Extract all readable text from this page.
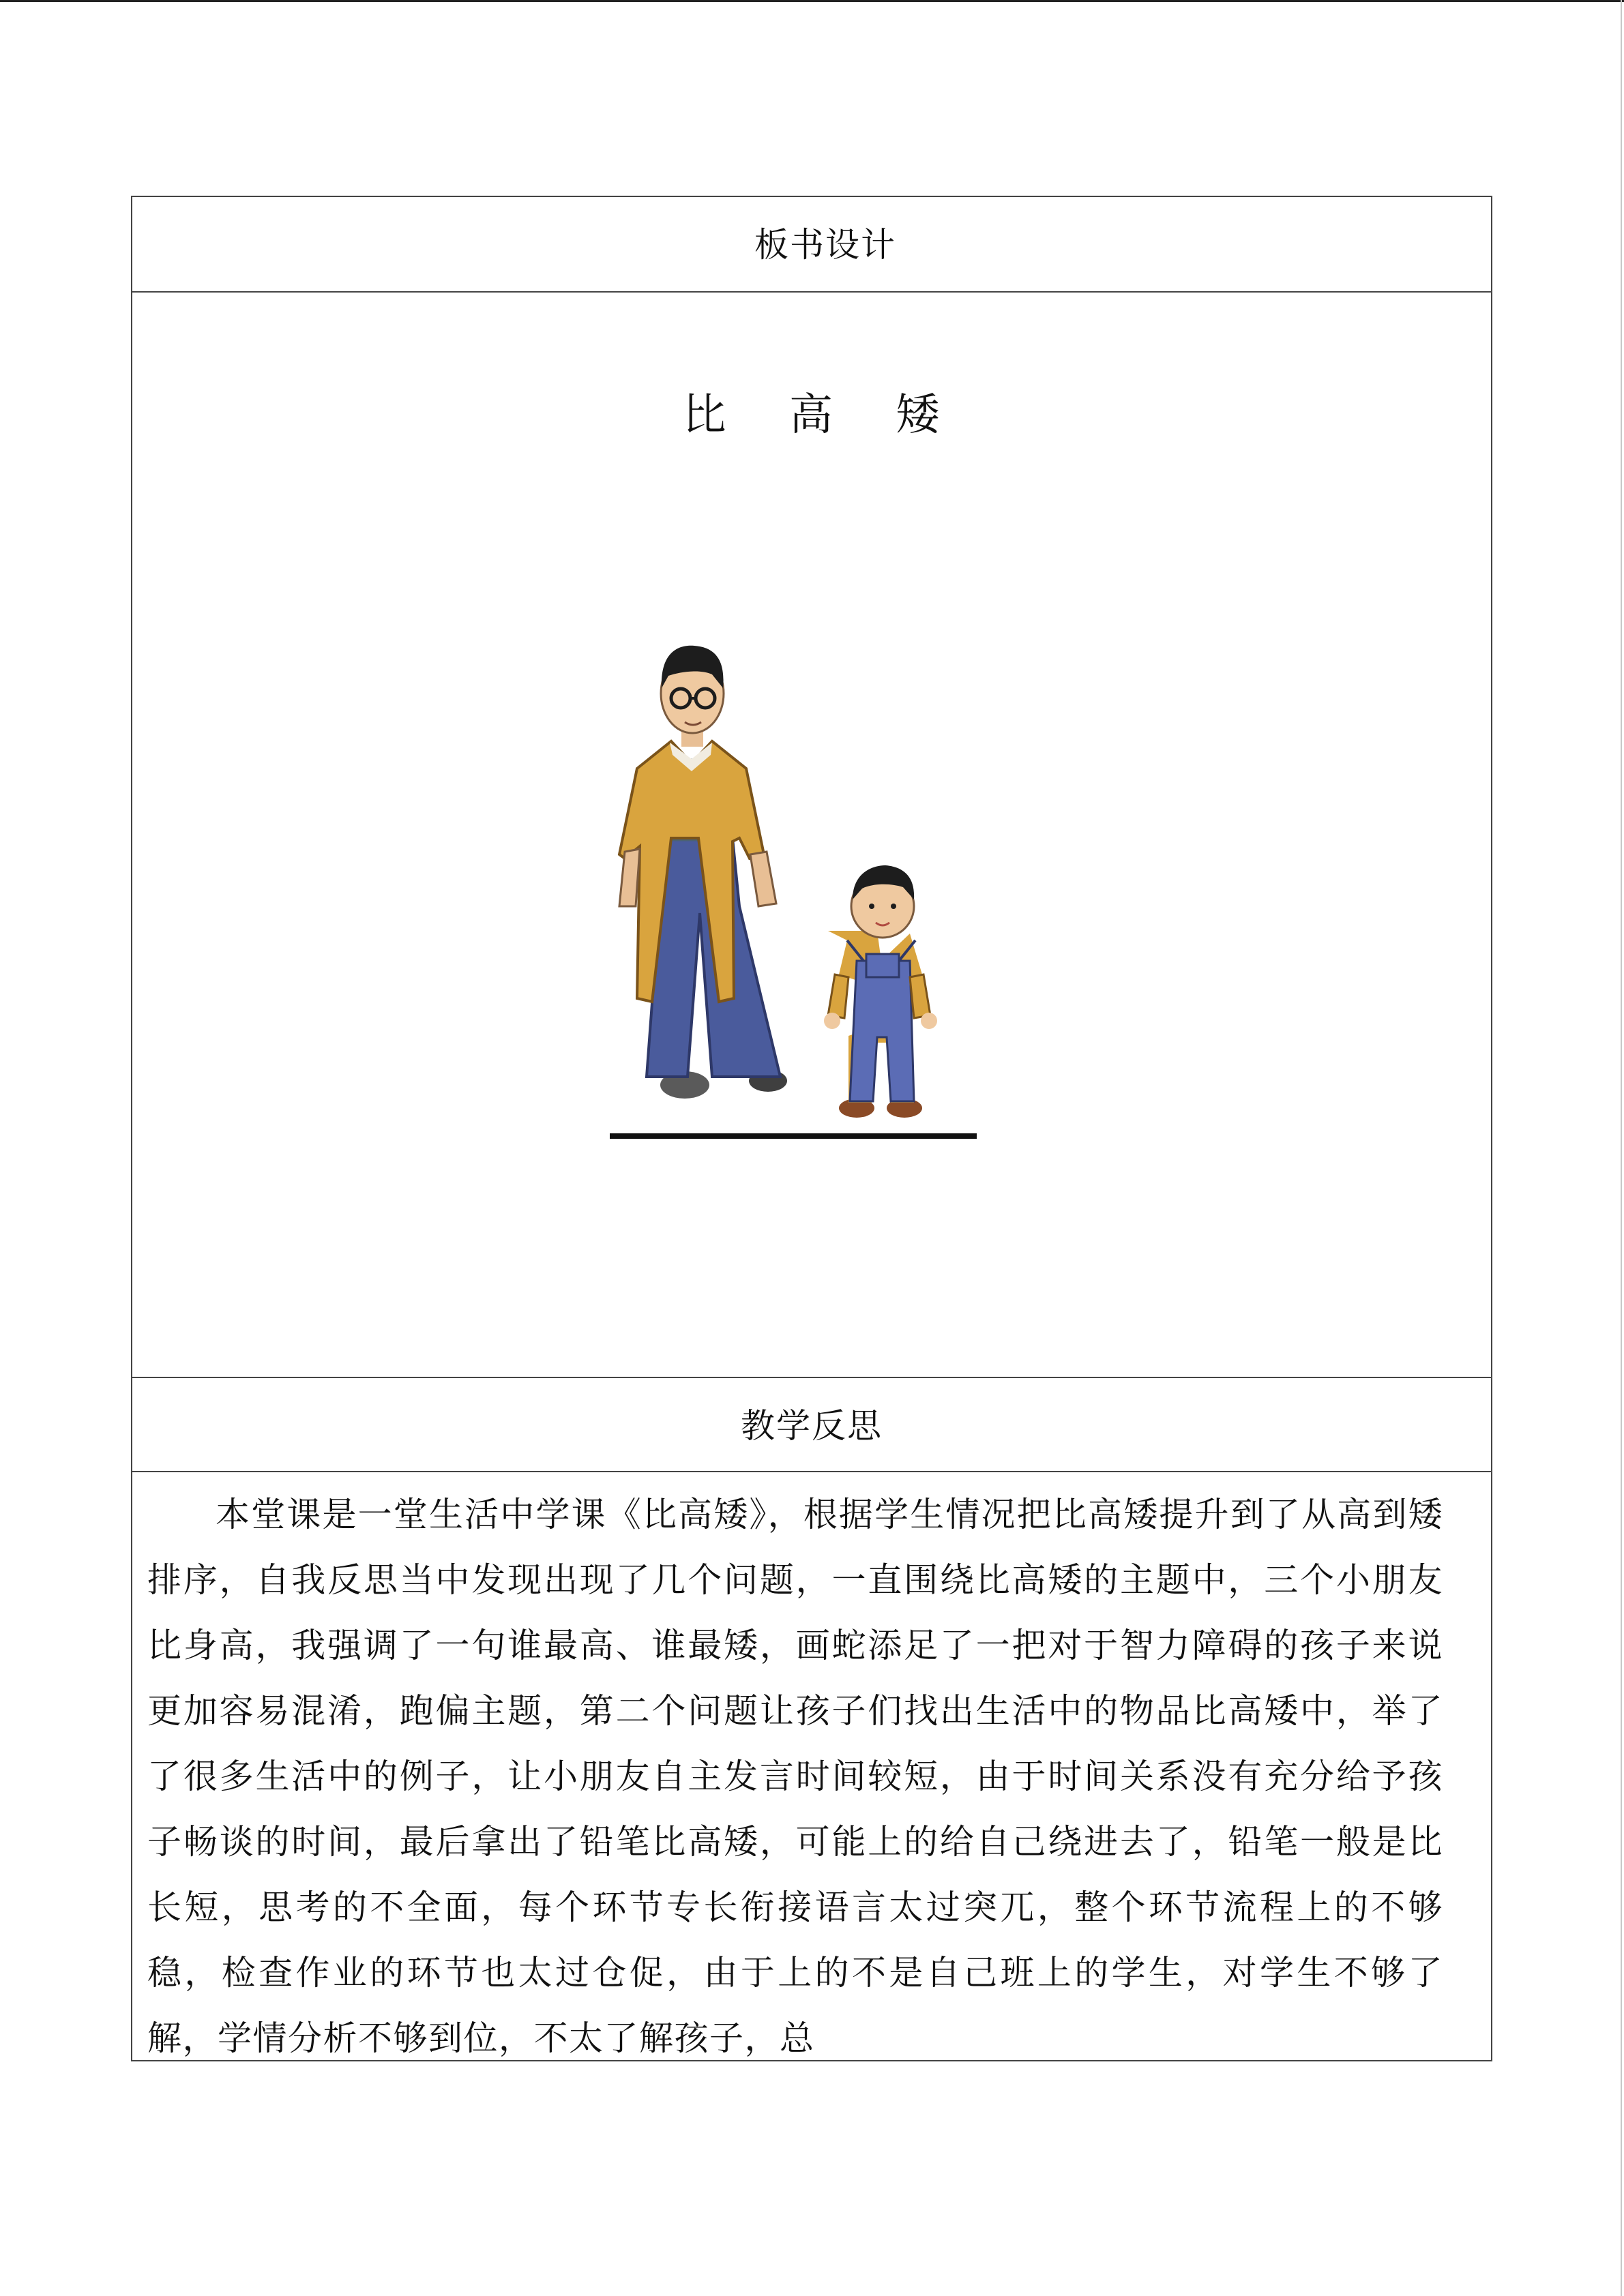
板书设计
比 高 矮
教学反思

本堂课是一堂生活中学课《比高矮》，根据学生情况把比高矮提升到了从高到矮排序，自我反思当中发现出现了几个问题，一直围绕比高矮的主题中，三个小朋友比身高，我强调了一句谁最高、谁最矮，画蛇添足了一把对于智力障碍的孩子来说更加容易混淆，跑偏主题，第二个问题让孩子们找出生活中的物品比高矮中，举了了很多生活中的例子，让小朋友自主发言时间较短，由于时间关系没有充分给予孩子畅谈的时间，最后拿出了铅笔比高矮，可能上的给自己绕进去了，铅笔一般是比长短，思考的不全面，每个环节专长衔接语言太过突兀，整个环节流程上的不够稳，检查作业的环节也太过仓促，由于上的不是自己班上的学生，对学生不够了解，学情分析不够到位，不太了解孩子，总
